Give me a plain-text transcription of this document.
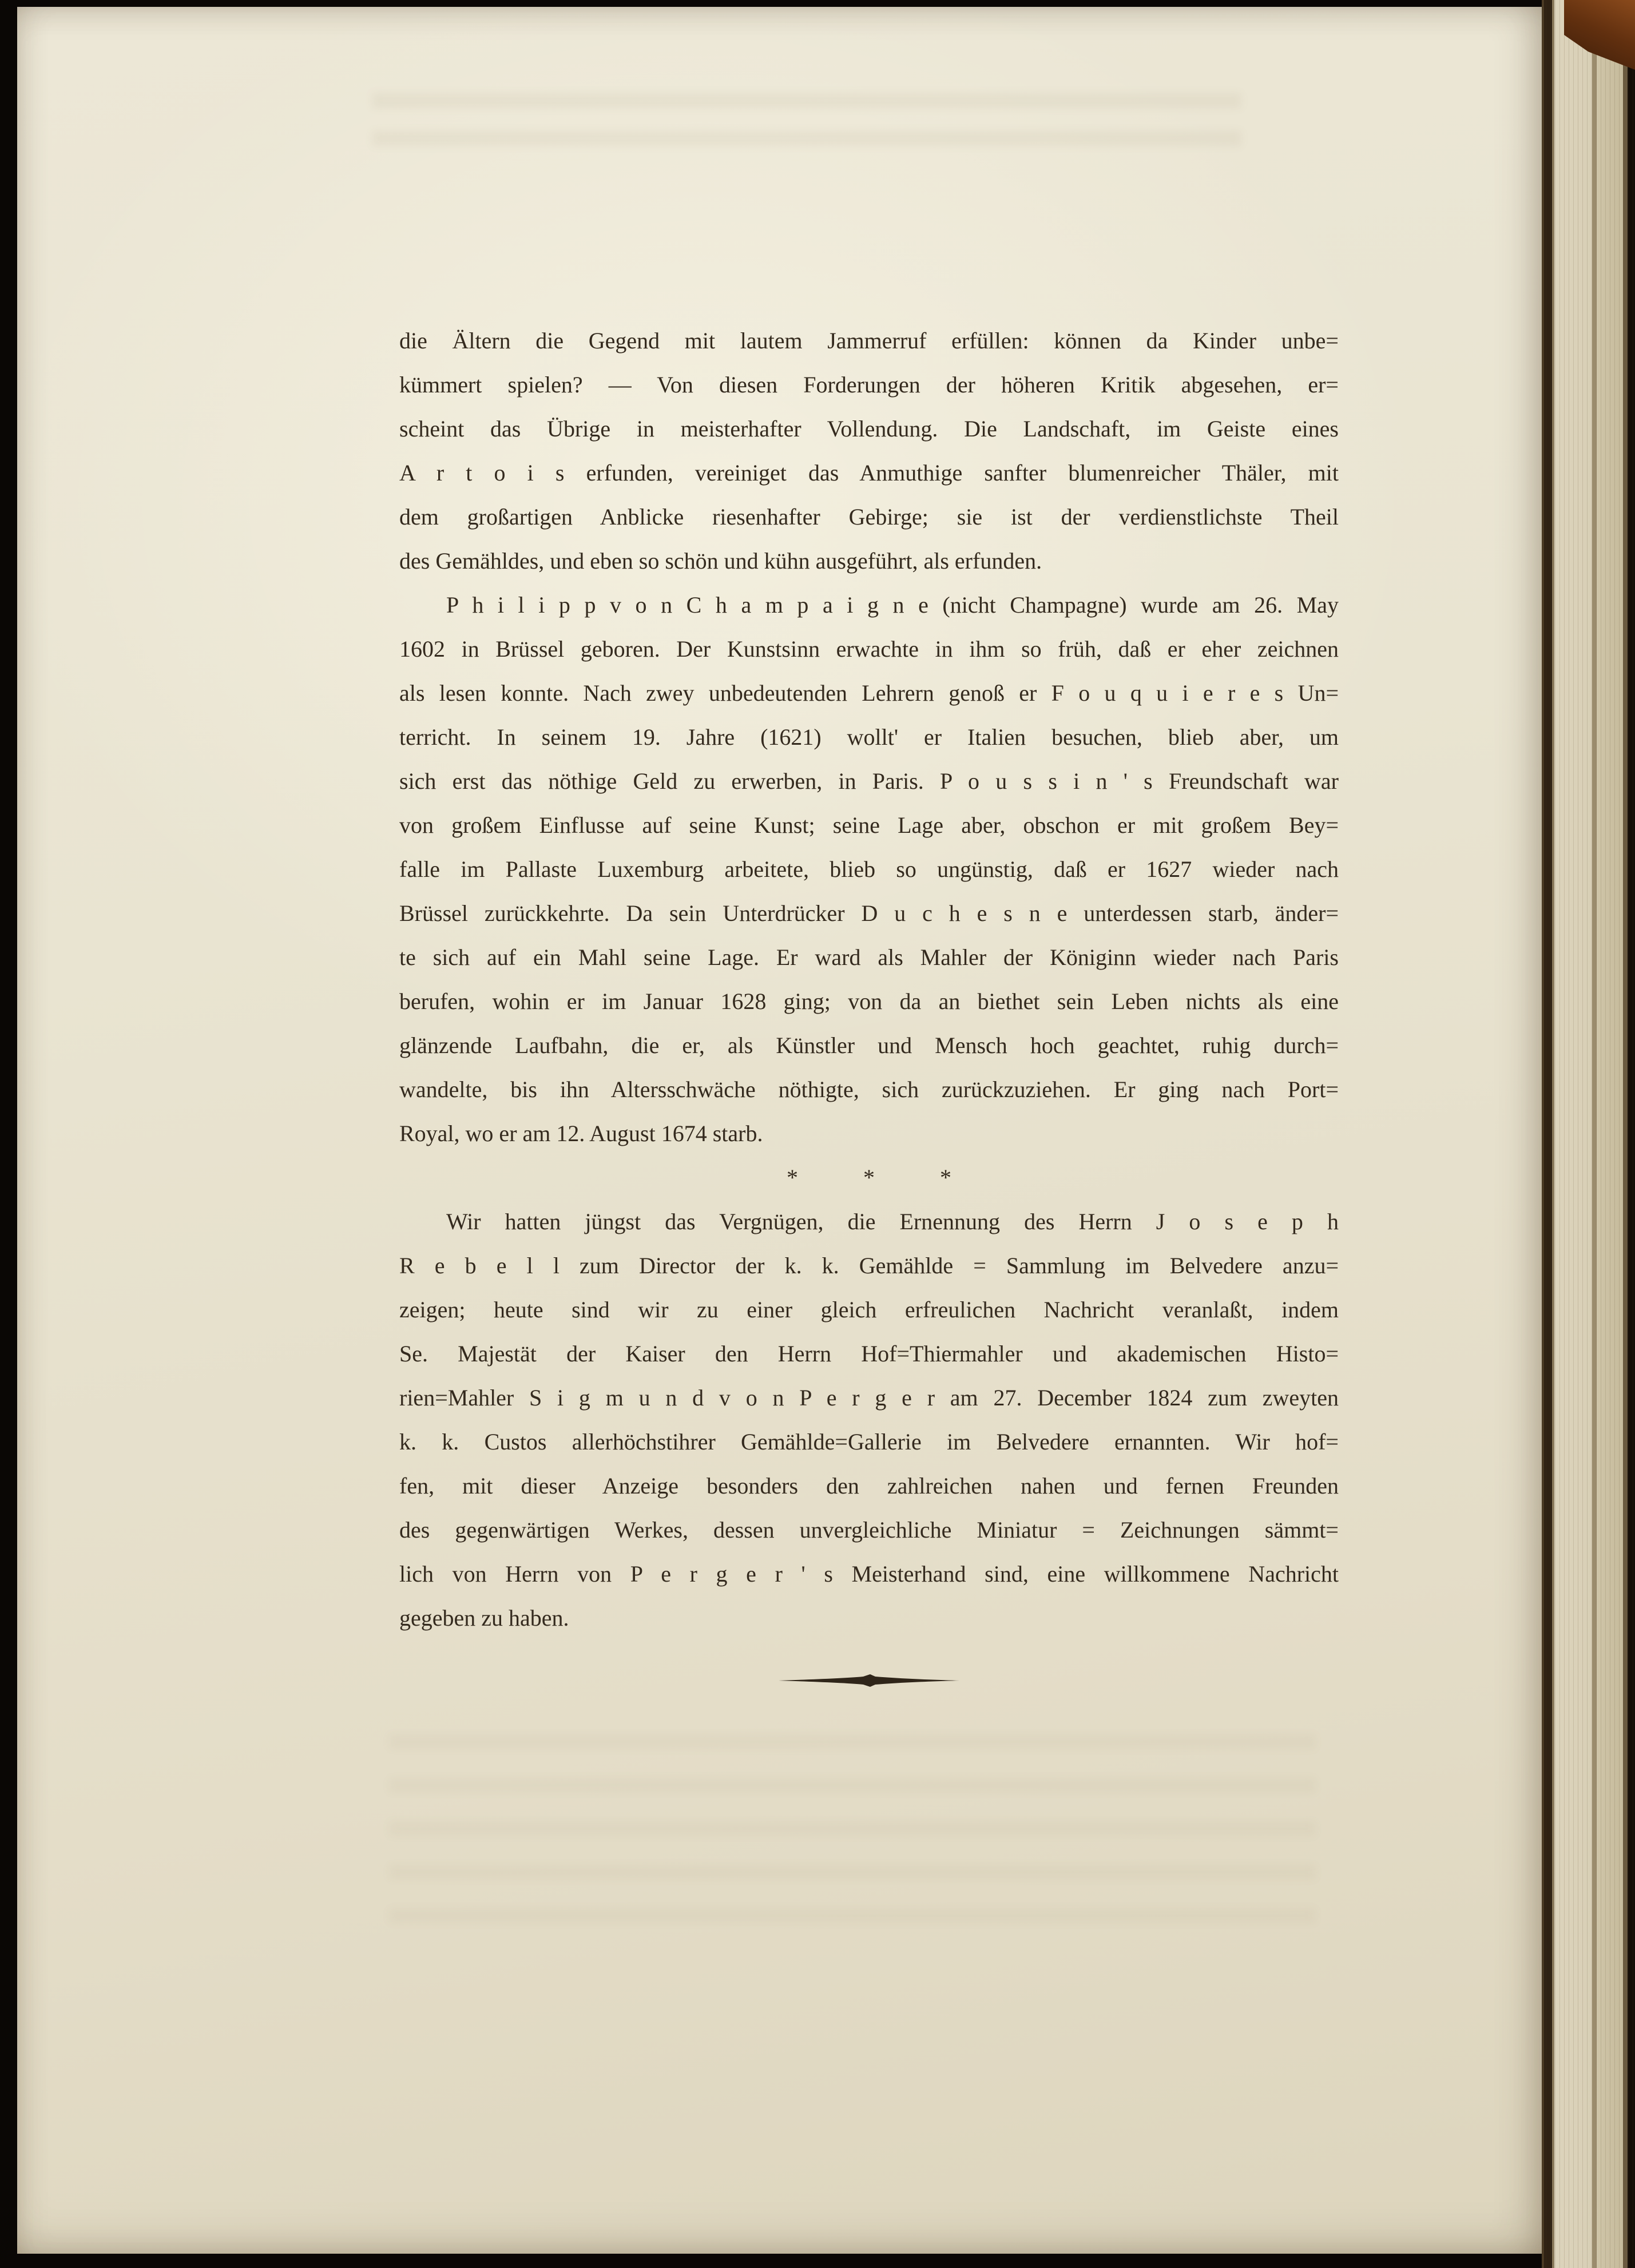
die Ältern die Gegend mit lautem Jammerruf erfüllen: können da Kinder unbe=
kümmert spielen? — Von diesen Forderungen der höheren Kritik abgesehen, er=
scheint das Übrige in meisterhafter Vollendung. Die Landschaft, im Geiste eines
A r t o i s erfunden, vereiniget das Anmuthige sanfter blumenreicher Thäler, mit
dem großartigen Anblicke riesenhafter Gebirge; sie ist der verdienstlichste Theil
des Gemähldes, und eben so schön und kühn ausgeführt, als erfunden.
P h i l i p p v o n C h a m p a i g n e (nicht Champagne) wurde am 26. May
1602 in Brüssel geboren. Der Kunstsinn erwachte in ihm so früh, daß er eher zeichnen
als lesen konnte. Nach zwey unbedeutenden Lehrern genoß er F o u q u i e r e s Un=
terricht. In seinem 19. Jahre (1621) wollt' er Italien besuchen, blieb aber, um
sich erst das nöthige Geld zu erwerben, in Paris. P o u s s i n ' s Freundschaft war
von großem Einflusse auf seine Kunst; seine Lage aber, obschon er mit großem Bey=
falle im Pallaste Luxemburg arbeitete, blieb so ungünstig, daß er 1627 wieder nach
Brüssel zurückkehrte. Da sein Unterdrücker D u c h e s n e unterdessen starb, änder=
te sich auf ein Mahl seine Lage. Er ward als Mahler der Königinn wieder nach Paris
berufen, wohin er im Januar 1628 ging; von da an biethet sein Leben nichts als eine
glänzende Laufbahn, die er, als Künstler und Mensch hoch geachtet, ruhig durch=
wandelte, bis ihn Altersschwäche nöthigte, sich zurückzuziehen. Er ging nach Port=
Royal, wo er am 12. August 1674 starb.
* * *
Wir hatten jüngst das Vergnügen, die Ernennung des Herrn J o s e p h
R e b e l l zum Director der k. k. Gemählde = Sammlung im Belvedere anzu=
zeigen; heute sind wir zu einer gleich erfreulichen Nachricht veranlaßt, indem
Se. Majestät der Kaiser den Herrn Hof=Thiermahler und akademischen Histo=
rien=Mahler S i g m u n d v o n P e r g e r am 27. December 1824 zum zweyten
k. k. Custos allerhöchstihrer Gemählde=Gallerie im Belvedere ernannten. Wir hof=
fen, mit dieser Anzeige besonders den zahlreichen nahen und fernen Freunden
des gegenwärtigen Werkes, dessen unvergleichliche Miniatur = Zeichnungen sämmt=
lich von Herrn von P e r g e r ' s Meisterhand sind, eine willkommene Nachricht
gegeben zu haben.
